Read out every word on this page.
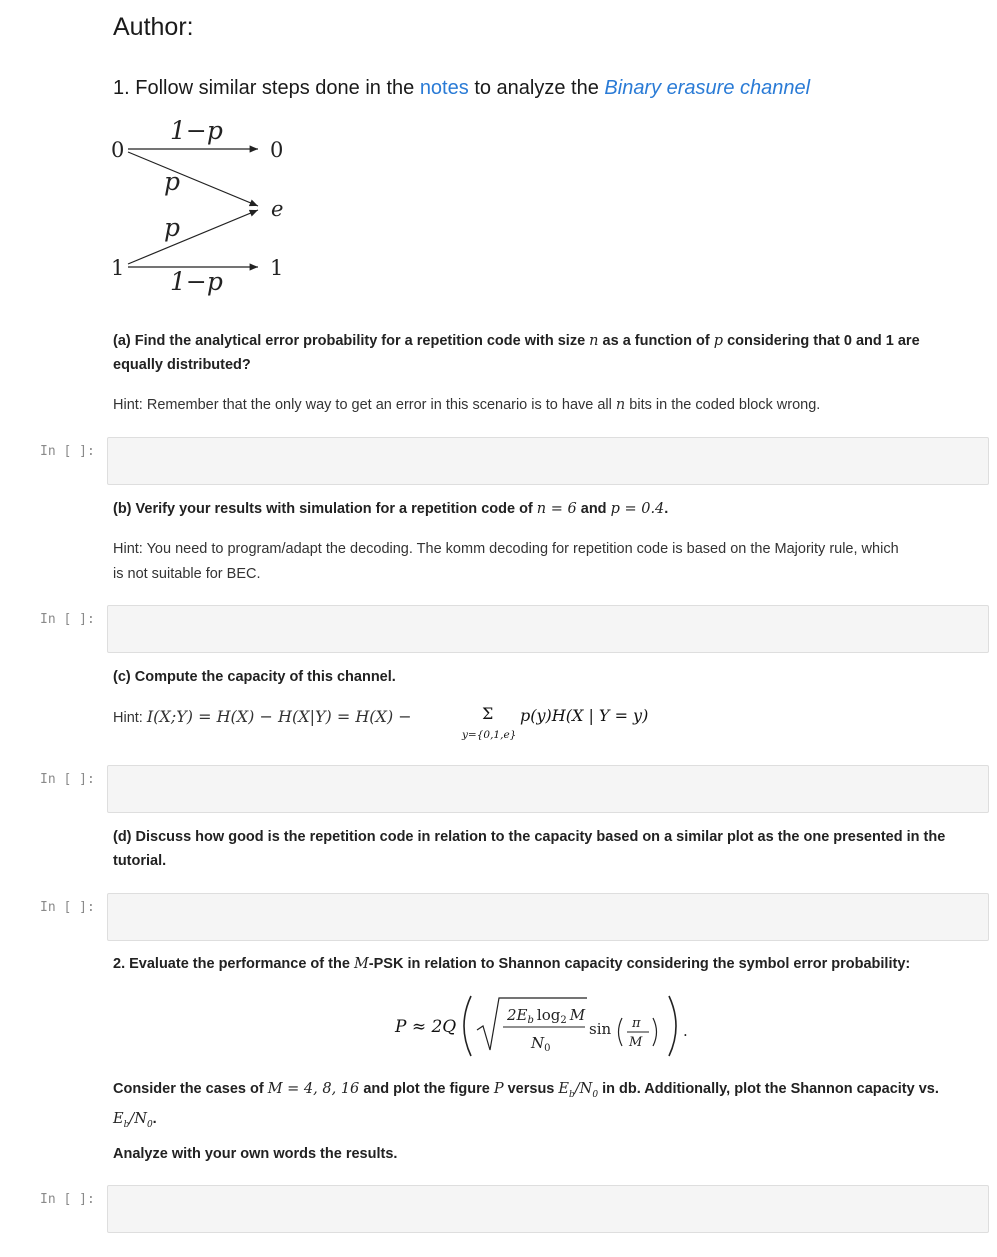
Author:
1. Follow similar steps done in the notes to analyze the Binary erasure channel
0
1
0
e
1
1−p
1−p
p
p
(a) Find the analytical error probability for a repetition code with size n as a function of p considering that 0 and 1 are
equally distributed?
Hint: Remember that the only way to get an error in this scenario is to have all n bits in the coded block wrong.
In [ ]:
(b) Verify your results with simulation for a repetition code of n = 6 and p = 0.4.
Hint: You need to program/adapt the decoding. The komm decoding for repetition code is based on the Majority rule, which
is not suitable for BEC.
In [ ]:
(c) Compute the capacity of this channel.
Hint: I(X;Y) = H(X) − H(X|Y) = H(X) −	Σ
y={0,1,e}
p(y)H(X | Y = y)
In [ ]:
(d) Discuss how good is the repetition code in relation to the capacity based on a similar plot as the one presented in the
tutorial.
In [ ]:
2. Evaluate the performance of the M-PSK in relation to Shannon capacity considering the symbol error probability:
P ≈ 2Q
$2E_b$ $\log_2 M$
$N_0$
sin π
M
.
Consider the cases of M = 4, 8, 16 and plot the figure P versus $E_b/N_0$ in db. Additionally, plot the Shannon capacity vs.
$E_b/N_0$.
Analyze with your own words the results.
In [ ]:
